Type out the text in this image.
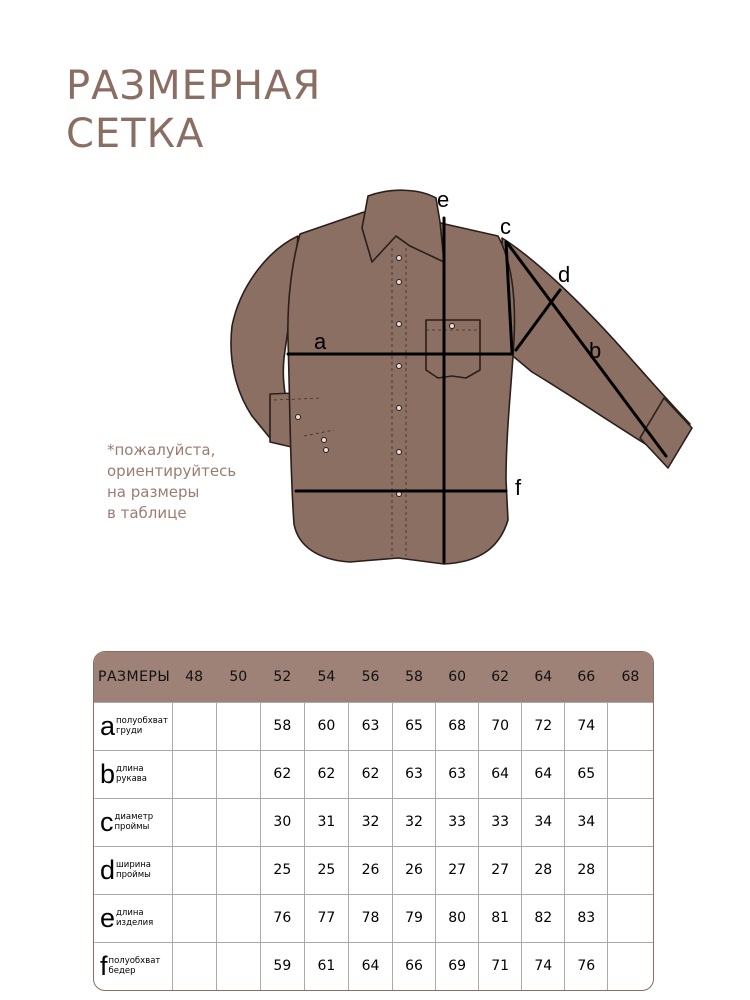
РАЗМЕРНАЯ
СЕТКА
a
e
c
d
b
f
*пожалуйста,
ориентируйтесь
на размеры
в таблице
РАЗМЕРЫ	48	50	52	54	56	58	60	62	64	66	68
a полуобхват
груди			58	60	63	65	68	70	72	74	
b длина
рукава			62	62	62	63	63	64	64	65	
c диаметр
проймы			30	31	32	32	33	33	34	34	
d ширина
проймы			25	25	26	26	27	27	28	28	
e длина
изделия			76	77	78	79	80	81	82	83	
f полуобхват
бедер			59	61	64	66	69	71	74	76	
